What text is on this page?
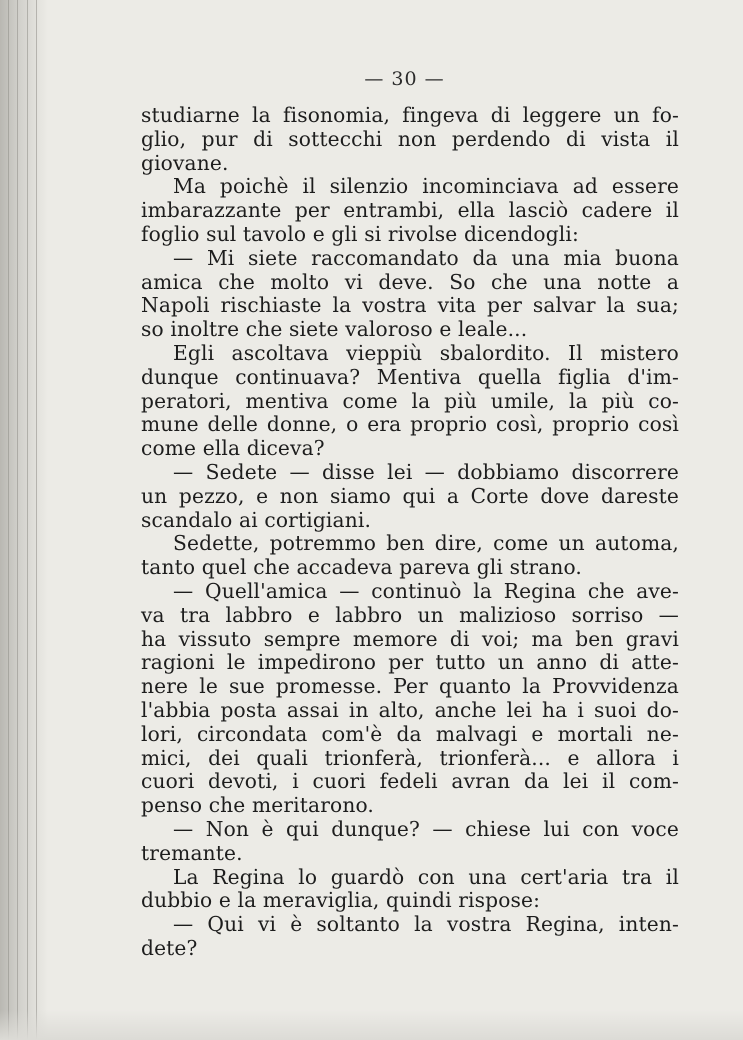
— 30 —
studiarne la fisonomia, fingeva di leggere un fo-
glio, pur di sottecchi non perdendo di vista il
giovane.
Ma poichè il silenzio incominciava ad essere
imbarazzante per entrambi, ella lasciò cadere il
foglio sul tavolo e gli si rivolse dicendogli:
— Mi siete raccomandato da una mia buona
amica che molto vi deve. So che una notte a
Napoli rischiaste la vostra vita per salvar la sua;
so inoltre che siete valoroso e leale...
Egli ascoltava vieppiù sbalordito. Il mistero
dunque continuava? Mentiva quella figlia d'im-
peratori, mentiva come la più umile, la più co-
mune delle donne, o era proprio così, proprio così
come ella diceva?
— Sedete — disse lei — dobbiamo discorrere
un pezzo, e non siamo qui a Corte dove dareste
scandalo ai cortigiani.
Sedette, potremmo ben dire, come un automa,
tanto quel che accadeva pareva gli strano.
— Quell'amica — continuò la Regina che ave-
va tra labbro e labbro un malizioso sorriso —
ha vissuto sempre memore di voi; ma ben gravi
ragioni le impedirono per tutto un anno di atte-
nere le sue promesse. Per quanto la Provvidenza
l'abbia posta assai in alto, anche lei ha i suoi do-
lori, circondata com'è da malvagi e mortali ne-
mici, dei quali trionferà, trionferà... e allora i
cuori devoti, i cuori fedeli avran da lei il com-
penso che meritarono.
— Non è qui dunque? — chiese lui con voce
tremante.
La Regina lo guardò con una cert'aria tra il
dubbio e la meraviglia, quindi rispose:
— Qui vi è soltanto la vostra Regina, inten-
dete?
